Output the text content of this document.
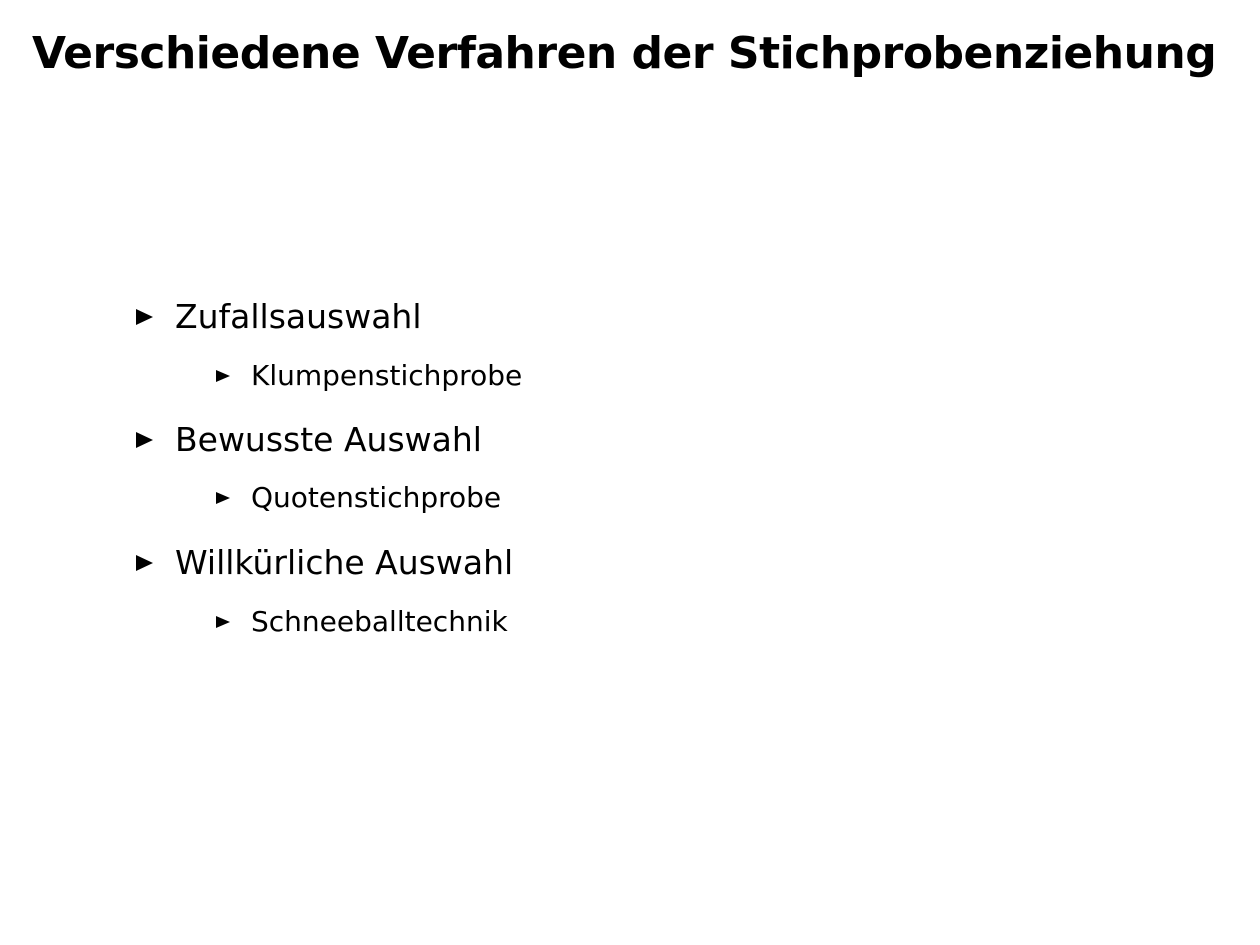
Verschiedene Verfahren der Stichprobenziehung
Zufallsauswahl
Klumpenstichprobe
Bewusste Auswahl
Quotenstichprobe
Willkürliche Auswahl
Schneeballtechnik
